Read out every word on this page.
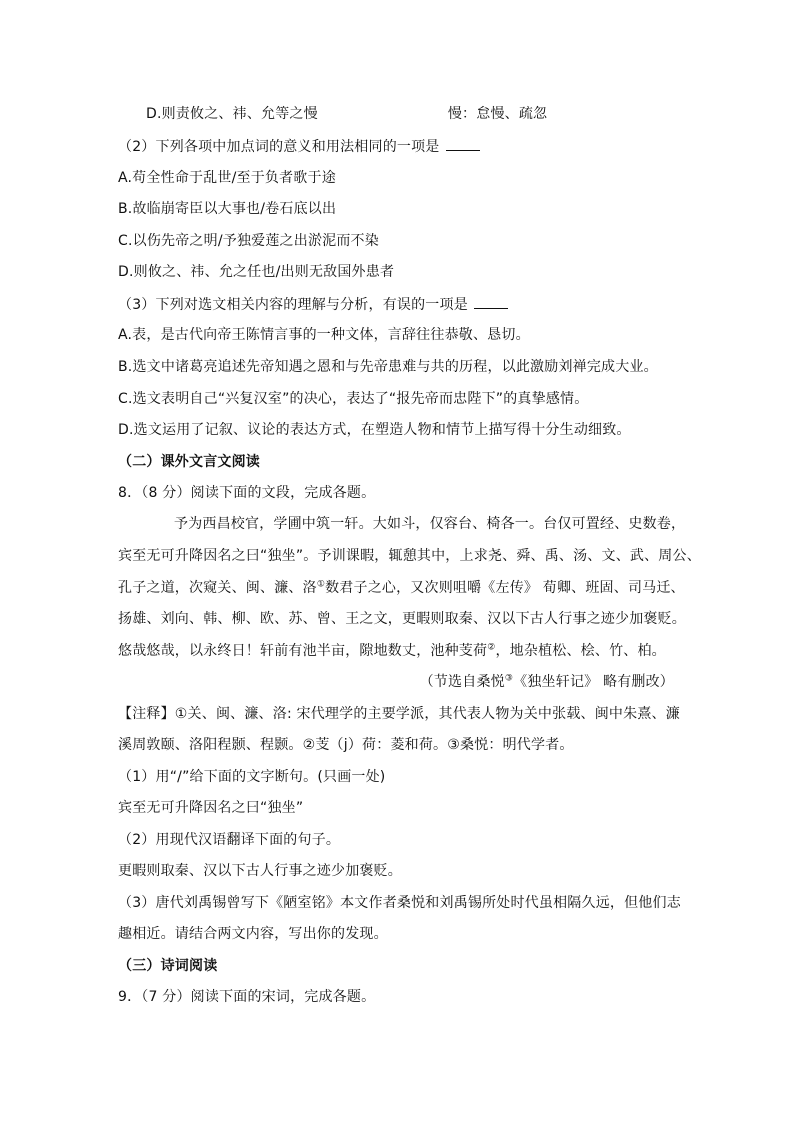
D.则责攸之、祎、允等之慢	慢：怠慢、疏忽
（2）下列各项中加点词的意义和用法相同的一项是
A.苟全性命于乱世/至于负者歌于途
B.故临崩寄臣以大事也/卷石底以出
C.以伤先帝之明/予独爱莲之出淤泥而不染
D.则攸之、祎、允之任也/出则无敌国外患者
（3）下列对选文相关内容的理解与分析，有误的一项是
A.表，是古代向帝王陈情言事的一种文体，言辞往往恭敬、恳切。
B.选文中诸葛亮追述先帝知遇之恩和与先帝患难与共的历程，以此激励刘禅完成大业。
C.选文表明自己“兴复汉室”的决心，表达了“报先帝而忠陛下”的真挚感情。
D.选文运用了记叙、议论的表达方式，在塑造人物和情节上描写得十分生动细致。
（二）课外文言文阅读
8．（8 分）阅读下面的文段，完成各题。
予为西昌校官，学圃中筑一轩。大如斗，仅容台、椅各一。台仅可置经、史数卷，
宾至无可升降因名之曰“独坐”。予训课暇，辄憩其中，上求尧、舜、禹、汤、文、武、周公、
孔子之道，次窥关、闽、濂、洛①数君子之心，又次则咀嚼《左传》 荀卿、班固、司马迁、
扬雄、刘向、韩、柳、欧、苏、曾、王之文，更暇则取秦、汉以下古人行事之迹少加褒贬。
悠哉悠哉，以永终日！轩前有池半亩，隙地数丈，池种芰荷②，地杂植松、桧、竹、柏。
（节选自桑悦③《独坐轩记》 略有删改）
【注释】①关、闽、濂、洛: 宋代理学的主要学派，其代表人物为关中张载、闽中朱熹、濂
溪周敦颐、洛阳程颢、程颢。②芰（j）荷：菱和荷。③桑悦：明代学者。
（1）用“/”给下面的文字断句。(只画一处)
宾至无可升降因名之曰“独坐”
（2）用现代汉语翻译下面的句子。
更暇则取秦、汉以下古人行事之迹少加褒贬。
（3）唐代刘禹锡曾写下《陋室铭》本文作者桑悦和刘禹锡所处时代虽相隔久远，但他们志
趣相近。请结合两文内容，写出你的发现。
（三）诗词阅读
9．（7 分）阅读下面的宋词，完成各题。
